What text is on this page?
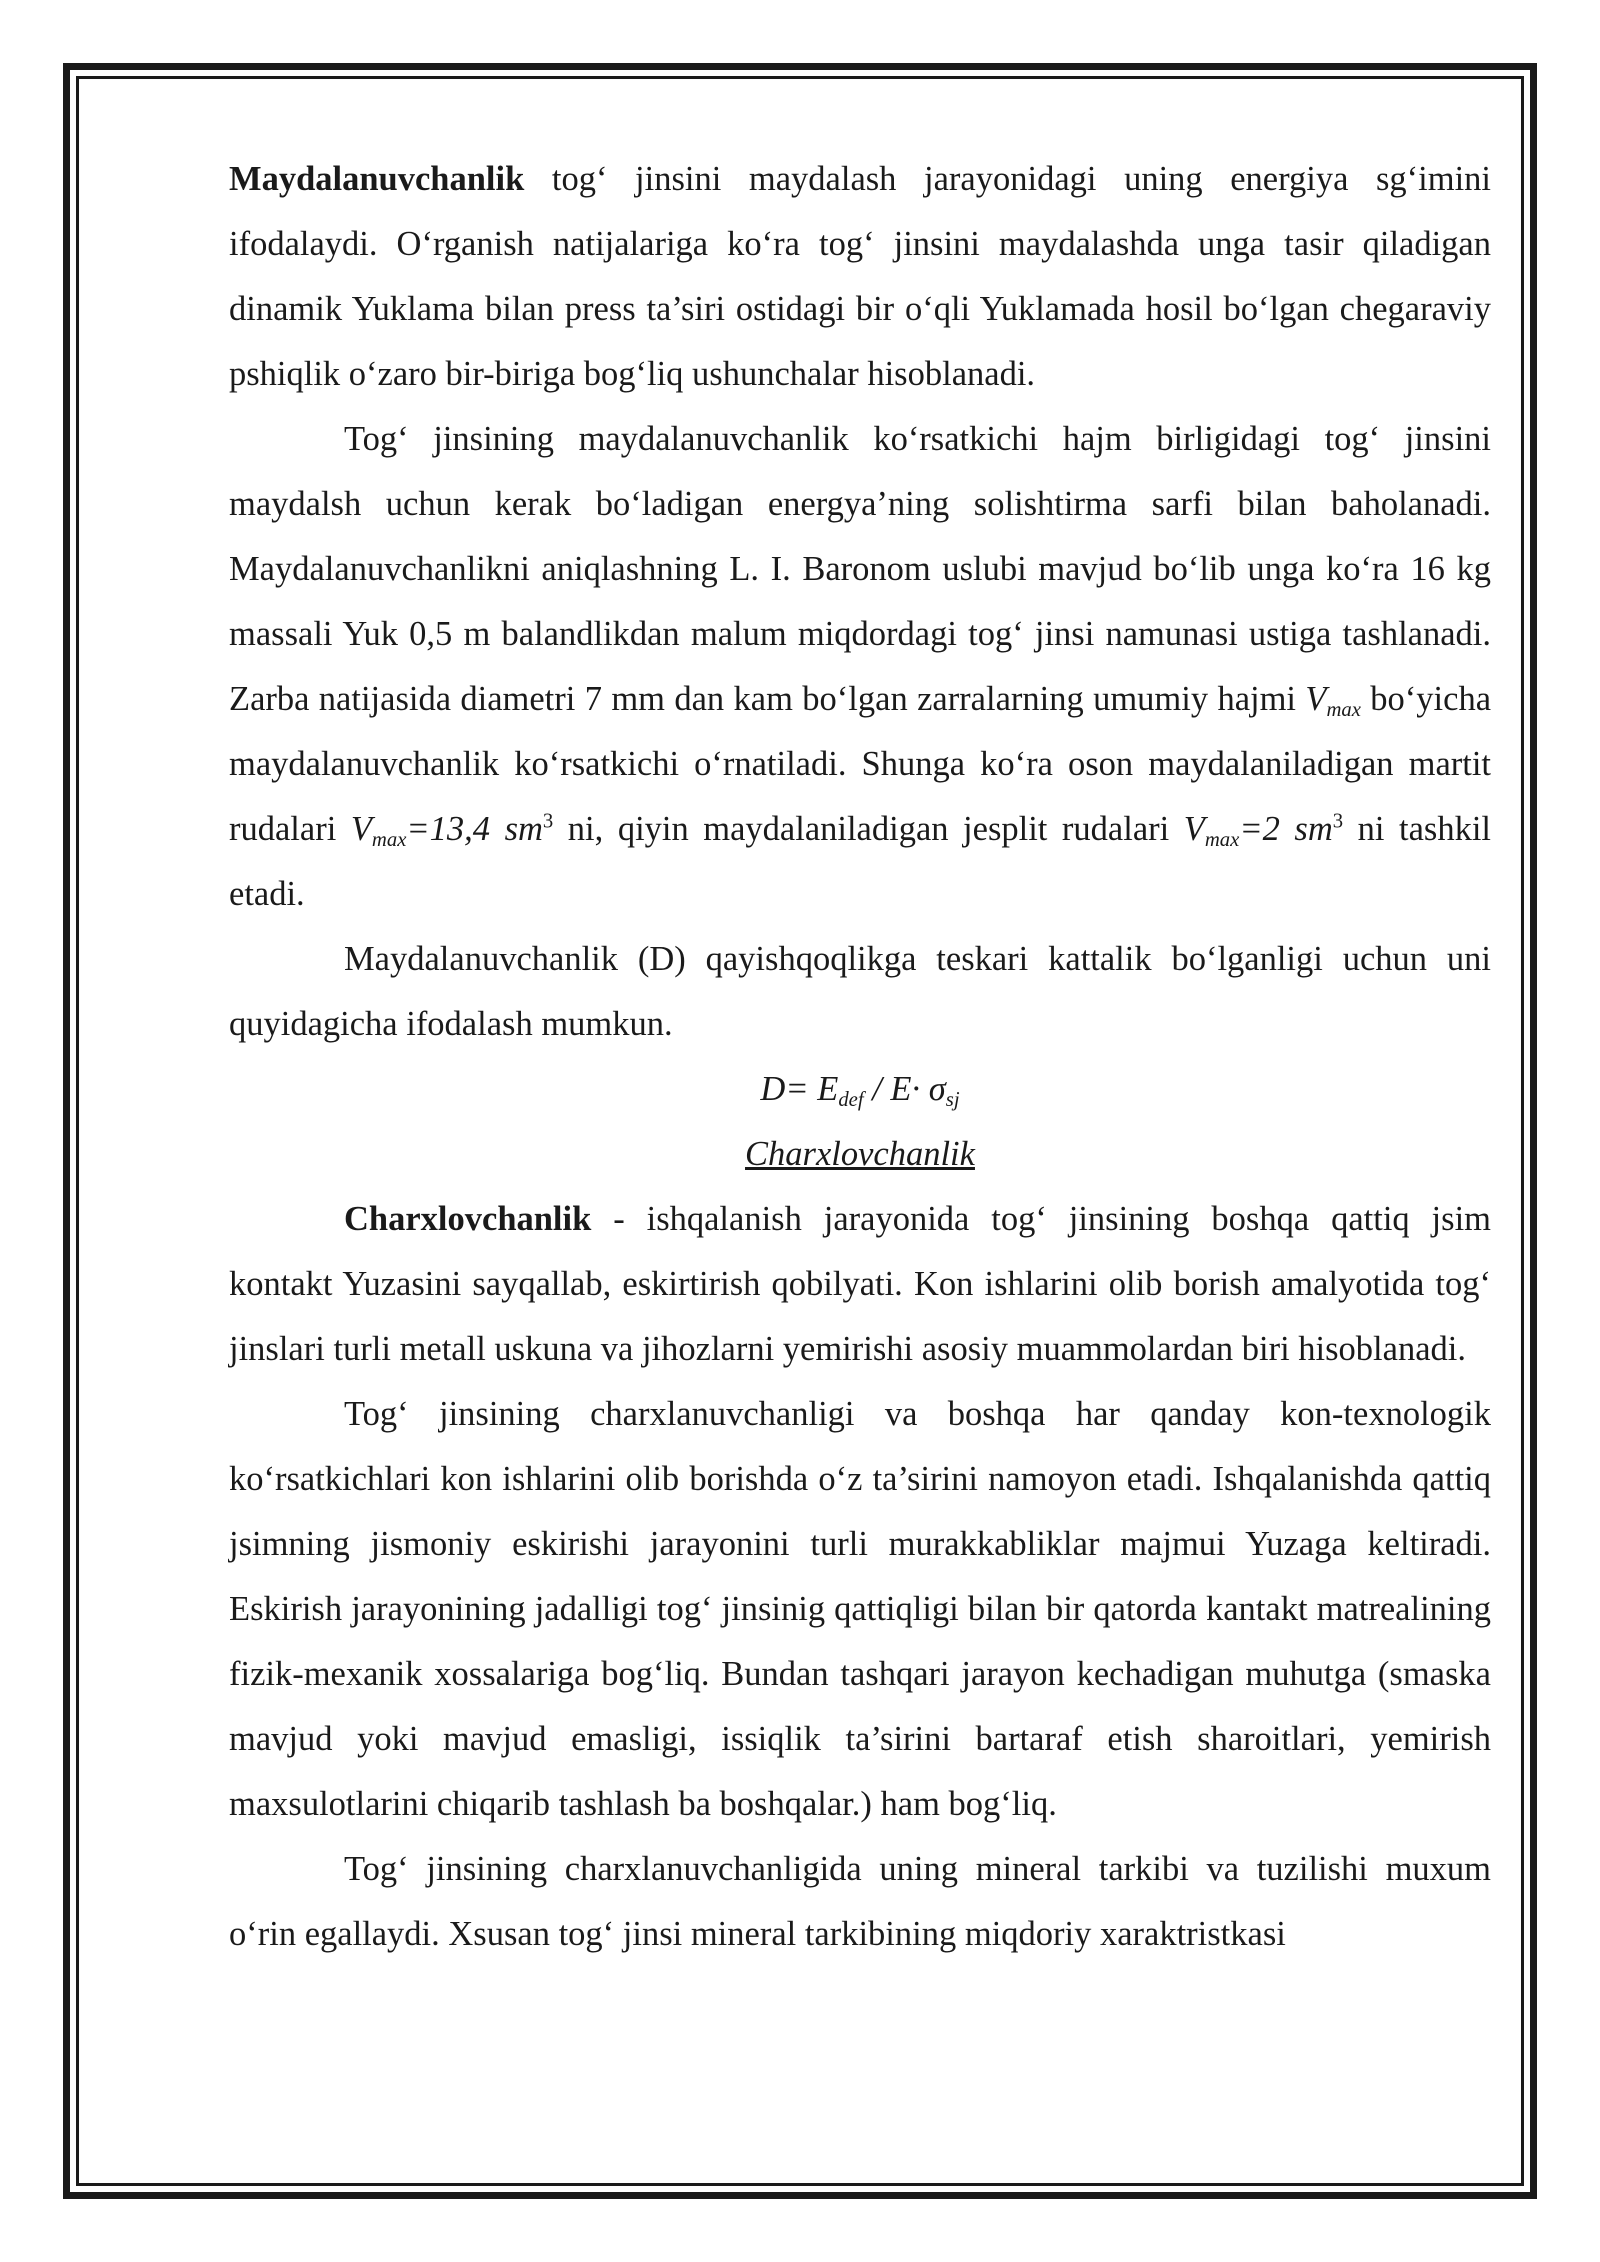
Maydalanuvchanlik tog‘ jinsini maydalash jarayonidagi uning energiya sg‘imini ifodalaydi. O‘rganish natijalariga ko‘ra tog‘ jinsini maydalashda unga tasir qiladigan dinamik Yuklama bilan press ta’siri ostidagi bir o‘qli Yuklamada hosil bo‘lgan chegaraviy pshiqlik o‘zaro bir-biriga bog‘liq ushunchalar hisoblanadi.

Tog‘ jinsining maydalanuvchanlik ko‘rsatkichi hajm birligidagi tog‘ jinsini maydalsh uchun kerak bo‘ladigan energya’ning solishtirma sarfi bilan baholanadi. Maydalanuvchanlikni aniqlashning L. I. Baronom uslubi mavjud bo‘lib unga ko‘ra 16 kg massali Yuk 0,5 m balandlikdan malum miqdordagi tog‘ jinsi namunasi ustiga tashlanadi. Zarba natijasida diametri 7 mm dan kam bo‘lgan zarralarning umumiy hajmi $V_{max}$ bo‘yicha maydalanuvchanlik ko‘rsatkichi o‘rnatiladi. Shunga ko‘ra oson maydalaniladigan martit rudalari $V_{max}=13,4$ $sm^3$ ni, qiyin maydalaniladigan jesplit rudalari $V_{max}=2$ $sm^3$ ni tashkil etadi.

Maydalanuvchanlik (D) qayishqoqlikga teskari kattalik bo‘lganligi uchun uni quyidagicha ifodalash mumkun.

$D= E_{def} / E\cdot \sigma_{sj}$

Charxlovchanlik

Charxlovchanlik - ishqalanish jarayonida tog‘ jinsining boshqa qattiq jsim kontakt Yuzasini sayqallab, eskirtirish qobilyati. Kon ishlarini olib borish amalyotida tog‘ jinslari turli metall uskuna va jihozlarni yemirishi asosiy muammolardan biri hisoblanadi.

Tog‘ jinsining charxlanuvchanligi va boshqa har qanday kon-texnologik ko‘rsatkichlari kon ishlarini olib borishda o‘z ta’sirini namoyon etadi. Ishqalanishda qattiq jsimning jismoniy eskirishi jarayonini turli murakkabliklar majmui Yuzaga keltiradi. Eskirish jarayonining jadalligi tog‘ jinsinig qattiqligi bilan bir qatorda kantakt matrealining fizik-mexanik xossalariga bog‘liq. Bundan tashqari jarayon kechadigan muhutga (smaska mavjud yoki mavjud emasligi, issiqlik ta’sirini bartaraf etish sharoitlari, yemirish maxsulotlarini chiqarib tashlash ba boshqalar.) ham bog‘liq.

Tog‘ jinsining charxlanuvchanligida uning mineral tarkibi va tuzilishi muxum o‘rin egallaydi. Xsusan tog‘ jinsi mineral tarkibining miqdoriy xaraktristkasi
